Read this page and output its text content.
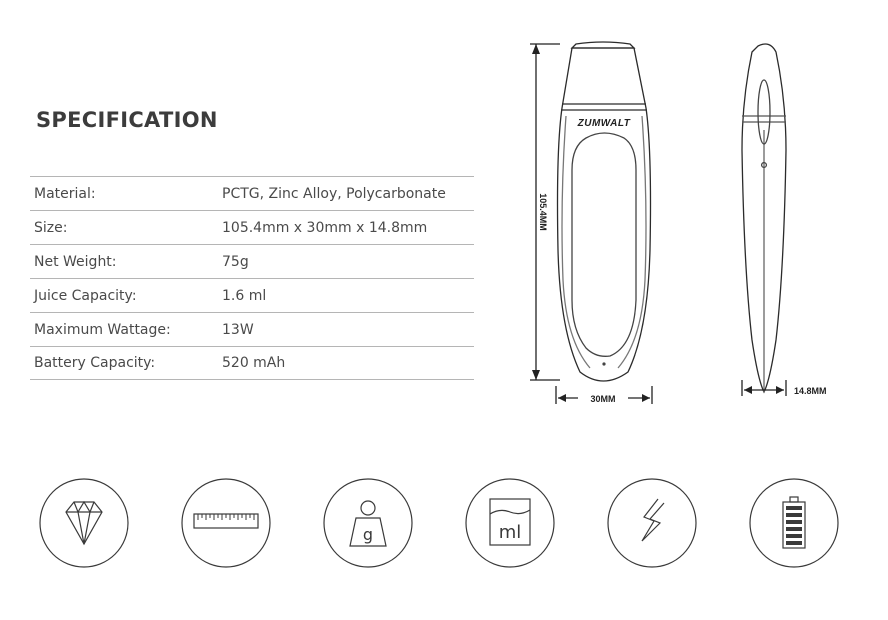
SPECIFICATION
Material:	PCTG, Zinc Alloy, Polycarbonate
Size:	105.4mm x 30mm x 14.8mm
Net Weight:	75g
Juice Capacity:	1.6 ml
Maximum Wattage:	13W
Battery Capacity:	520 mAh
ZUMWALT
105.4MM
30MM
14.8MM
g	ml
